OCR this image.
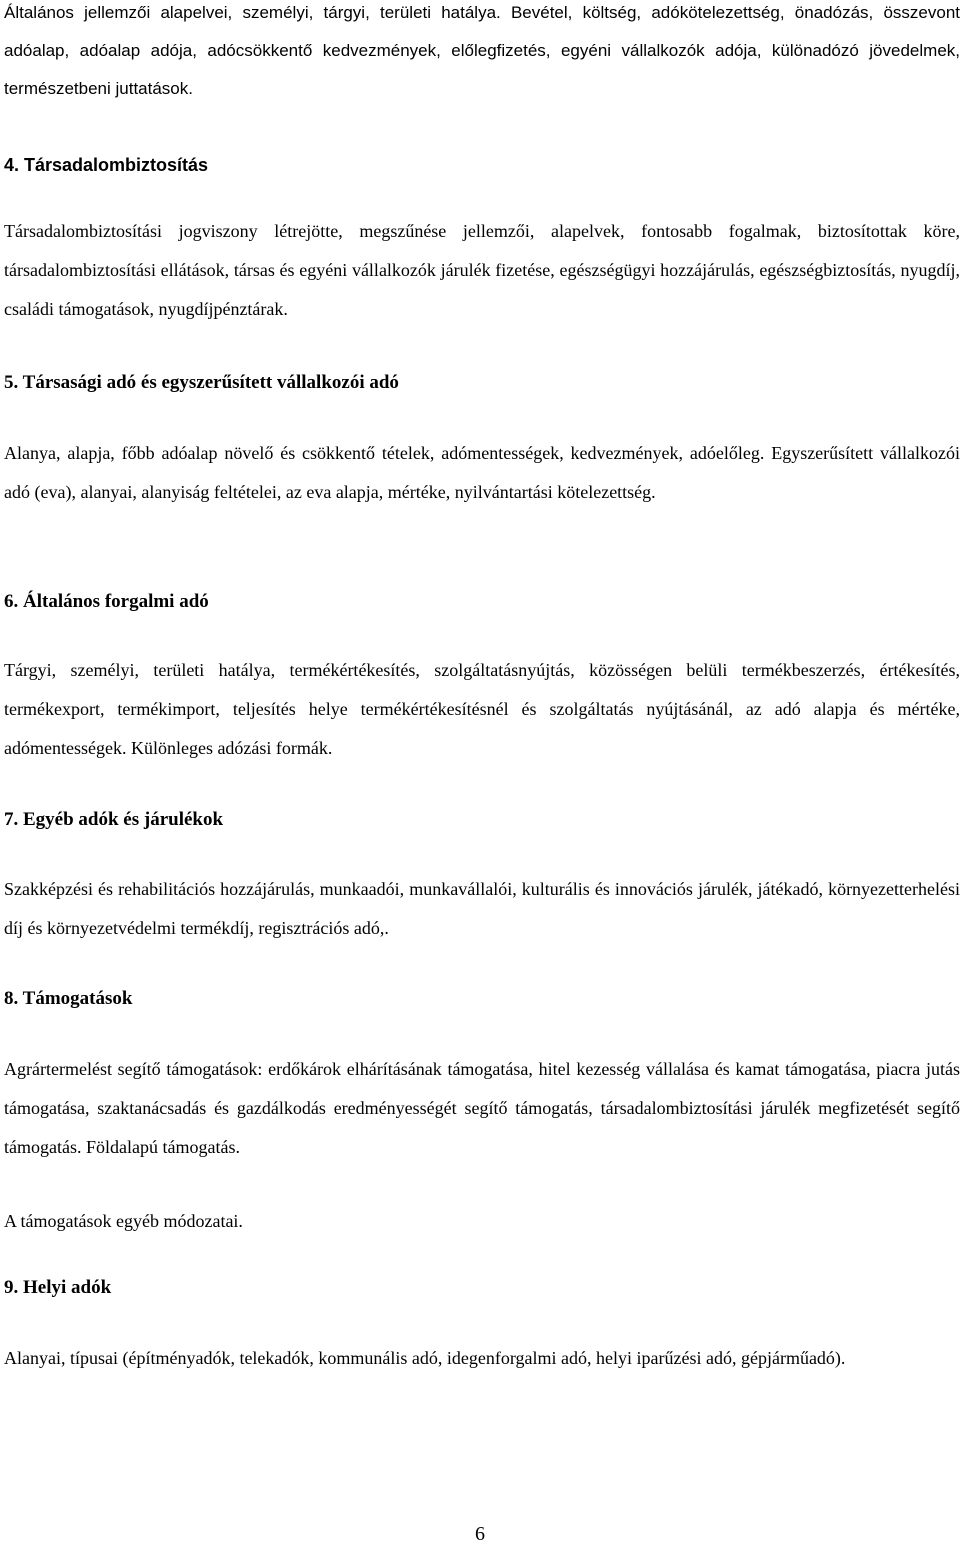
Általános jellemzői alapelvei, személyi, tárgyi, területi hatálya. Bevétel, költség, adókötelezettség, önadózás, összevont adóalap, adóalap adója, adócsökkentő kedvezmények, előlegfizetés, egyéni vállalkozók adója, különadózó jövedelmek, természetbeni juttatások.

4. Társadalombiztosítás

Társadalombiztosítási jogviszony létrejötte, megszűnése jellemzői, alapelvek, fontosabb fogalmak, biztosítottak köre, társadalombiztosítási ellátások, társas és egyéni vállalkozók járulék fizetése, egészségügyi hozzájárulás, egészségbiztosítás, nyugdíj, családi támogatások, nyugdíjpénztárak.

5. Társasági adó és egyszerűsített vállalkozói adó

Alanya, alapja, főbb adóalap növelő és csökkentő tételek, adómentességek, kedvezmények, adóelőleg. Egyszerűsített vállalkozói adó (eva), alanyai, alanyiság feltételei, az eva alapja, mértéke, nyilvántartási kötelezettség.

6. Általános forgalmi adó

Tárgyi, személyi, területi hatálya, termékértékesítés, szolgáltatásnyújtás, közösségen belüli termékbeszerzés, értékesítés, termékexport, termékimport, teljesítés helye termékértékesítésnél és szolgáltatás nyújtásánál, az adó alapja és mértéke, adómentességek. Különleges adózási formák.

7. Egyéb adók és járulékok

Szakképzési és rehabilitációs hozzájárulás, munkaadói, munkavállalói, kulturális és innovációs járulék, játékadó, környezetterhelési díj és környezetvédelmi termékdíj, regisztrációs adó,.

8. Támogatások

Agrártermelést segítő támogatások: erdőkárok elhárításának támogatása, hitel kezesség vállalása és kamat támogatása, piacra jutás támogatása, szaktanácsadás és gazdálkodás eredményességét segítő támogatás, társadalombiztosítási járulék megfizetését segítő támogatás. Földalapú támogatás.

A támogatások egyéb módozatai.

9. Helyi adók

Alanyai, típusai (építményadók, telekadók, kommunális adó, idegenforgalmi adó, helyi iparűzési adó, gépjárműadó).

6
